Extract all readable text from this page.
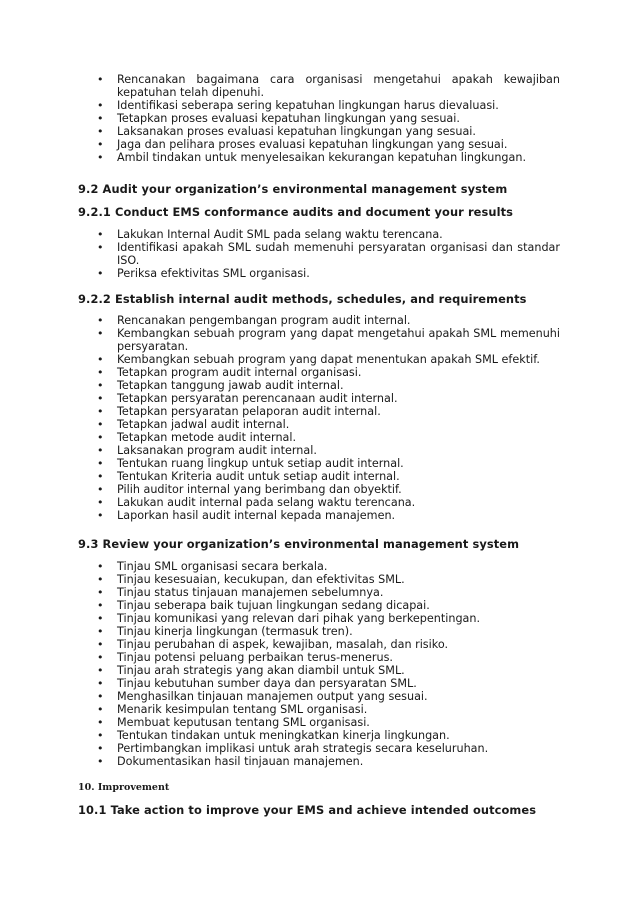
• Rencanakan bagaimana cara organisasi mengetahui apakah kewajiban kepatuhan telah dipenuhi.
• Identifikasi seberapa sering kepatuhan lingkungan harus dievaluasi.
• Tetapkan proses evaluasi kepatuhan lingkungan yang sesuai.
• Laksanakan proses evaluasi kepatuhan lingkungan yang sesuai.
• Jaga dan pelihara proses evaluasi kepatuhan lingkungan yang sesuai.
• Ambil tindakan untuk menyelesaikan kekurangan kepatuhan lingkungan.
9.2 Audit your organization’s environmental management system
9.2.1 Conduct EMS conformance audits and document your results
• Lakukan Internal Audit SML pada selang waktu terencana.
• Identifikasi apakah SML sudah memenuhi persyaratan organisasi dan standar ISO.
• Periksa efektivitas SML organisasi.
9.2.2 Establish internal audit methods, schedules, and requirements
• Rencanakan pengembangan program audit internal.
• Kembangkan sebuah program yang dapat mengetahui apakah SML memenuhi persyaratan.
• Kembangkan sebuah program yang dapat menentukan apakah SML efektif.
• Tetapkan program audit internal organisasi.
• Tetapkan tanggung jawab audit internal.
• Tetapkan persyaratan perencanaan audit internal.
• Tetapkan persyaratan pelaporan audit internal.
• Tetapkan jadwal audit internal.
• Tetapkan metode audit internal.
• Laksanakan program audit internal.
• Tentukan ruang lingkup untuk setiap audit internal.
• Tentukan Kriteria audit untuk setiap audit internal.
• Pilih auditor internal yang berimbang dan obyektif.
• Lakukan audit internal pada selang waktu terencana.
• Laporkan hasil audit internal kepada manajemen.
9.3 Review your organization’s environmental management system
• Tinjau SML organisasi secara berkala.
• Tinjau kesesuaian, kecukupan, dan efektivitas SML.
• Tinjau status tinjauan manajemen sebelumnya.
• Tinjau seberapa baik tujuan lingkungan sedang dicapai.
• Tinjau komunikasi yang relevan dari pihak yang berkepentingan.
• Tinjau kinerja lingkungan (termasuk tren).
• Tinjau perubahan di aspek, kewajiban, masalah, dan risiko.
• Tinjau potensi peluang perbaikan terus-menerus.
• Tinjau arah strategis yang akan diambil untuk SML.
• Tinjau kebutuhan sumber daya dan persyaratan SML.
• Menghasilkan tinjauan manajemen output yang sesuai.
• Menarik kesimpulan tentang SML organisasi.
• Membuat keputusan tentang SML organisasi.
• Tentukan tindakan untuk meningkatkan kinerja lingkungan.
• Pertimbangkan implikasi untuk arah strategis secara keseluruhan.
• Dokumentasikan hasil tinjauan manajemen.
10. Improvement
10.1 Take action to improve your EMS and achieve intended outcomes
